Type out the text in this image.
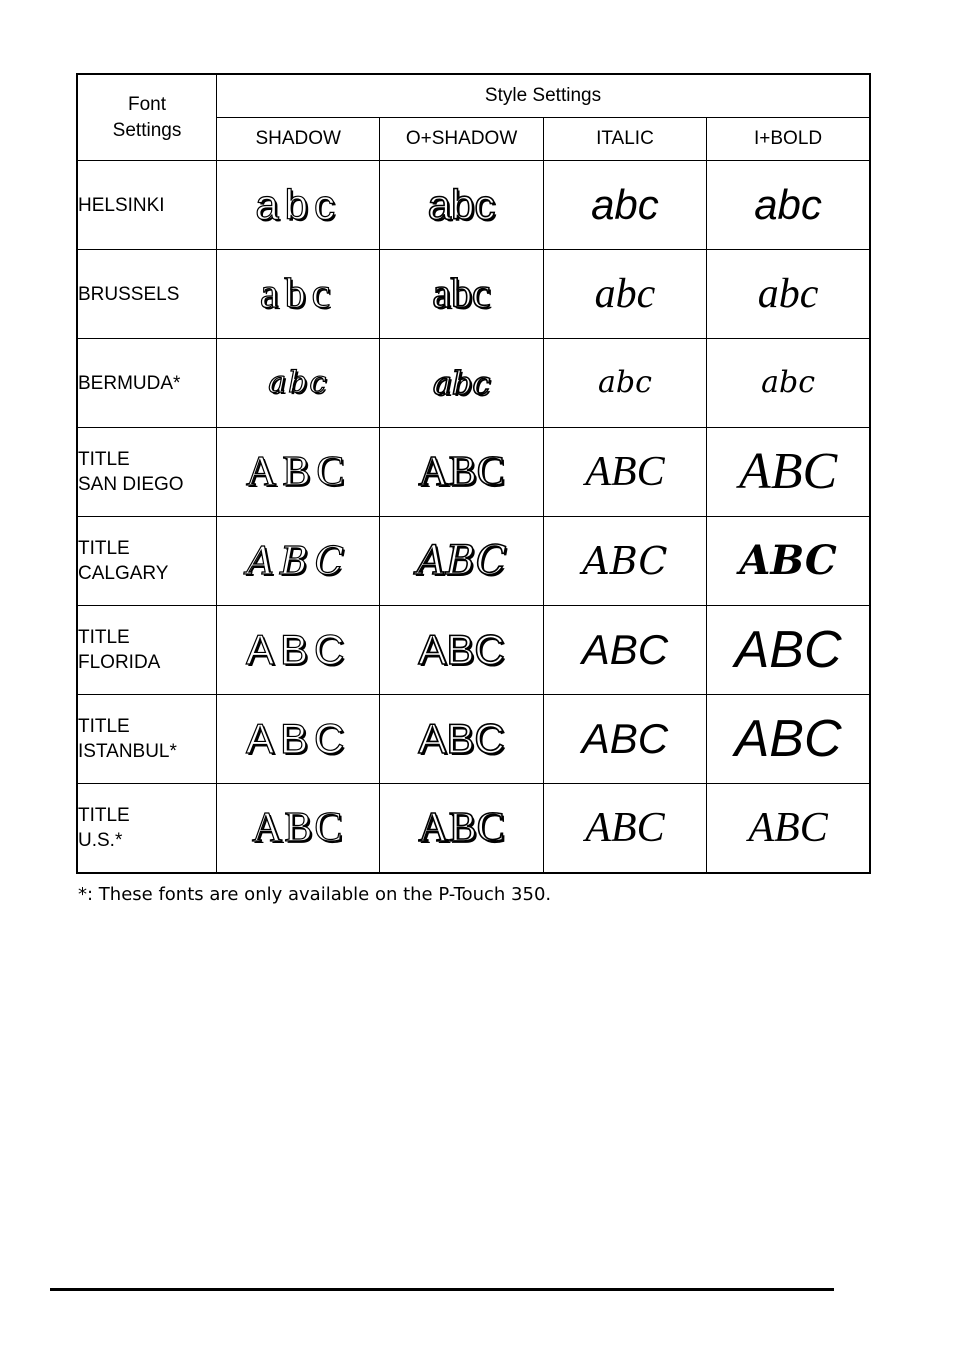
Font
Settings	Style Settings			
	SHADOW	O+SHADOW	ITALIC	I+BOLD
HELSINKI	abc	abc	abc	abc
BRUSSELS	abc	abc	abc	abc
BERMUDA*	abc	abc	abc	abc
TITLE
SAN DIEGO	ABC	ABC	ABC	ABC
TITLE
CALGARY	ABC	ABC	ABC	ABC
TITLE
FLORIDA	ABC	ABC	ABC	ABC
TITLE
ISTANBUL*	ABC	ABC	ABC	ABC
TITLE
U.S.*	ABC	ABC	ABC	ABC
*: These fonts are only available on the P-Touch 350.
